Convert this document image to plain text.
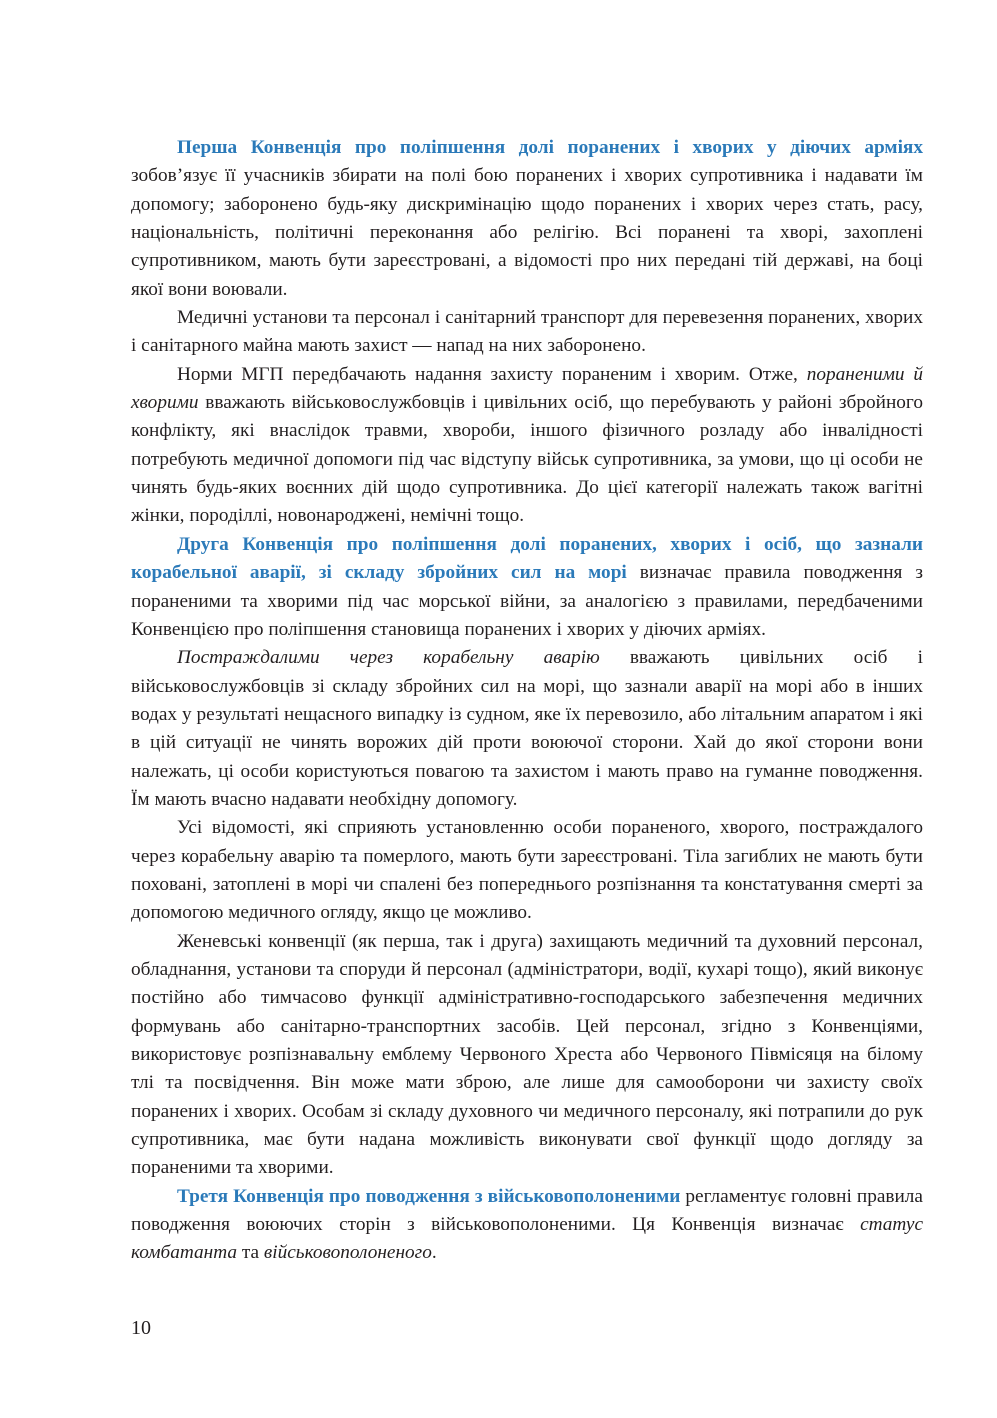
Перша Конвенція про поліпшення долі поранених і хворих у діючих арміях зобов’язує її учасників збирати на полі бою поранених і хворих супротивника і надавати їм допомогу; заборонено будь-яку дискримінацію щодо поранених і хворих через стать, расу, національність, політичні переконання або релігію. Всі поранені та хворі, захоплені супротивником, мають бути зареєстровані, а відомості про них передані тій державі, на боці якої вони воювали.

Медичні установи та персонал і санітарний транспорт для перевезення поранених, хворих і санітарного майна мають захист — напад на них заборонено.

Норми МГП передбачають надання захисту пораненим і хворим. Отже, пораненими й хворими вважають військовослужбовців і цивільних осіб, що перебувають у районі збройного конфлікту, які внаслідок травми, хвороби, іншого фізичного розладу або інвалідності потребують медичної допомоги під час відступу військ супротивника, за умови, що ці особи не чинять будь-яких воєнних дій щодо супротивника. До цієї категорії належать також вагітні жінки, породіллі, новонароджені, немічні тощо.

Друга Конвенція про поліпшення долі поранених, хворих і осіб, що зазнали корабельної аварії, зі складу збройних сил на морі визначає правила поводження з пораненими та хворими під час морської війни, за аналогією з правилами, передбаченими Конвенцією про поліпшення становища поранених і хворих у діючих арміях.

Постраждалими через корабельну аварію вважають цивільних осіб і військовослужбовців зі складу збройних сил на морі, що зазнали аварії на морі або в інших водах у результаті нещасного випадку із судном, яке їх перевозило, або літальним апаратом і які в цій ситуації не чинять ворожих дій проти воюючої сторони. Хай до якої сторони вони належать, ці особи користуються повагою та захистом і мають право на гуманне поводження. Їм мають вчасно надавати необхідну допомогу.

Усі відомості, які сприяють установленню особи пораненого, хворого, постраждалого через корабельну аварію та померлого, мають бути зареєстровані. Тіла загиблих не мають бути поховані, затоплені в морі чи спалені без попереднього розпізнання та констатування смерті за допомогою медичного огляду, якщо це можливо.

Женевські конвенції (як перша, так і друга) захищають медичний та духовний персонал, обладнання, установи та споруди й персонал (адміністратори, водії, кухарі тощо), який виконує постійно або тимчасово функції адміністративно-господарського забезпечення медичних формувань або санітарно-транспортних засобів. Цей персонал, згідно з Конвенціями, використовує розпізнавальну емблему Червоного Хреста або Червоного Півмісяця на білому тлі та посвідчення. Він може мати зброю, але лише для самооборони чи захисту своїх поранених і хворих. Особам зі складу духовного чи медичного персоналу, які потрапили до рук супротивника, має бути надана можливість виконувати свої функції щодо догляду за пораненими та хворими.

Третя Конвенція про поводження з військовополоненими регламентує головні правила поводження воюючих сторін з військовополоненими. Ця Конвенція визначає статус комбатанта та військовополоненого.

10
